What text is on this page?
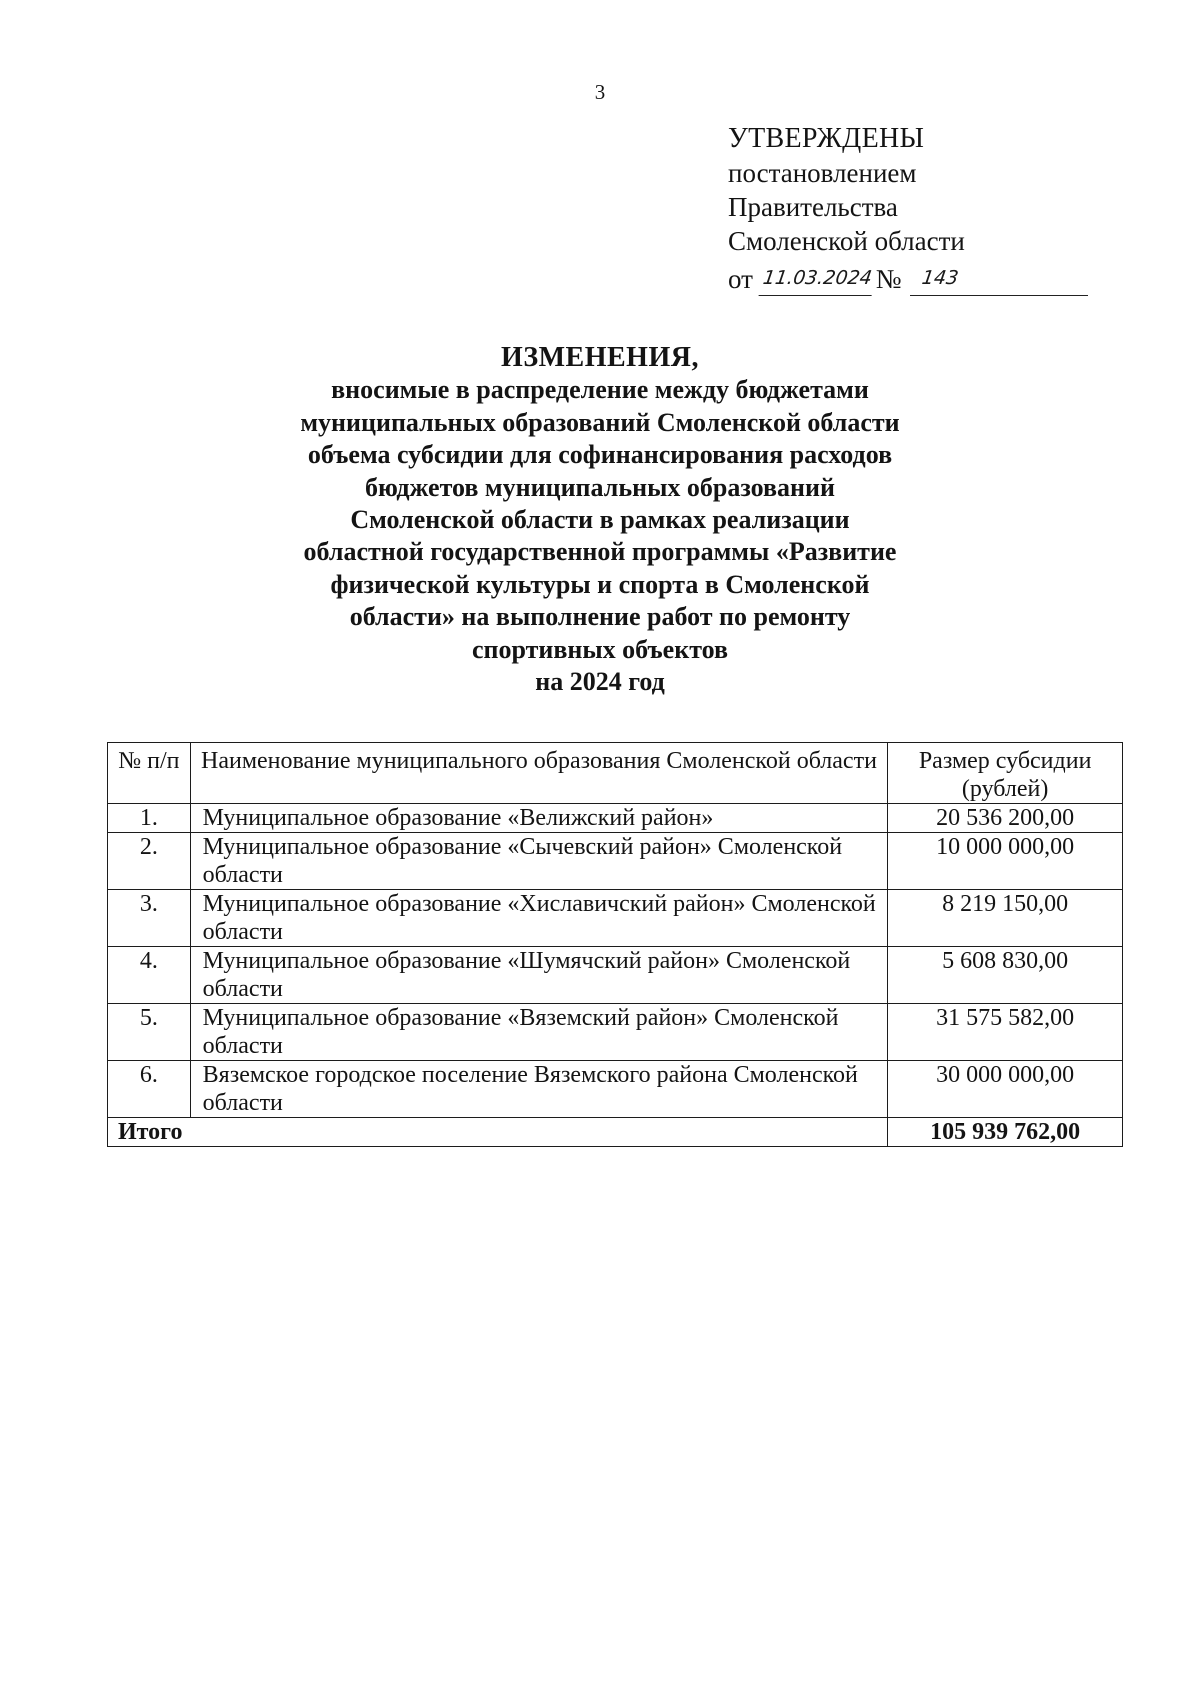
3
УТВЕРЖДЕНЫ
постановлением Правительства
Смоленской области
от 11.03.2024 № 143
ИЗМЕНЕНИЯ,
вносимые в распределение между бюджетами
муниципальных образований Смоленской области
объема субсидии для софинансирования расходов
бюджетов муниципальных образований
Смоленской области в рамках реализации
областной государственной программы «Развитие
физической культуры и спорта в Смоленской
области» на выполнение работ по ремонту
спортивных объектов
на 2024 год
№ п/п	Наименование муниципального образования Смоленской области	Размер субсидии (рублей)
1.	Муниципальное образование «Велижский район»	20 536 200,00
2.	Муниципальное образование «Сычевский район» Смоленской области	10 000 000,00
3.	Муниципальное образование «Хиславичский район» Смоленской области	8 219 150,00
4.	Муниципальное образование «Шумячский район» Смоленской области	5 608 830,00
5.	Муниципальное образование «Вяземский район» Смоленской области	31 575 582,00
6.	Вяземское городское поселение Вяземского района Смоленской области	30 000 000,00
Итого		105 939 762,00
